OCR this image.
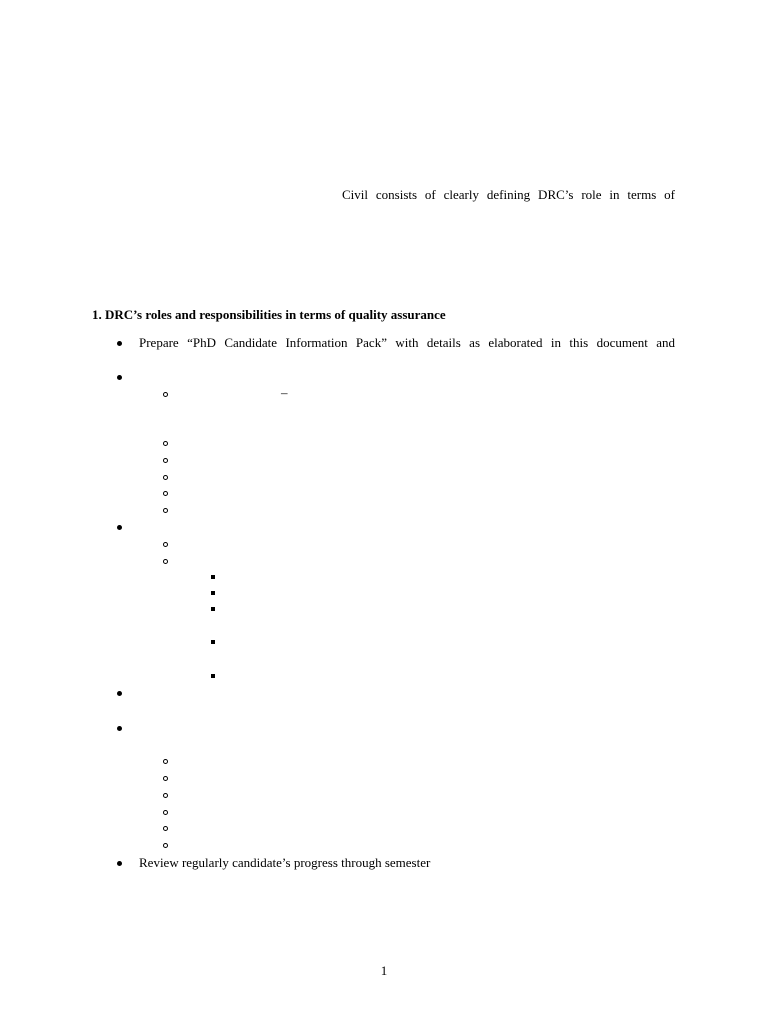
Civil consists of clearly defining DRC’s role in terms of
1. DRC’s roles and responsibilities in terms of quality assurance
Prepare “PhD Candidate Information Pack” with details as elaborated in this document and
–
Review regularly candidate’s progress through semester
1
